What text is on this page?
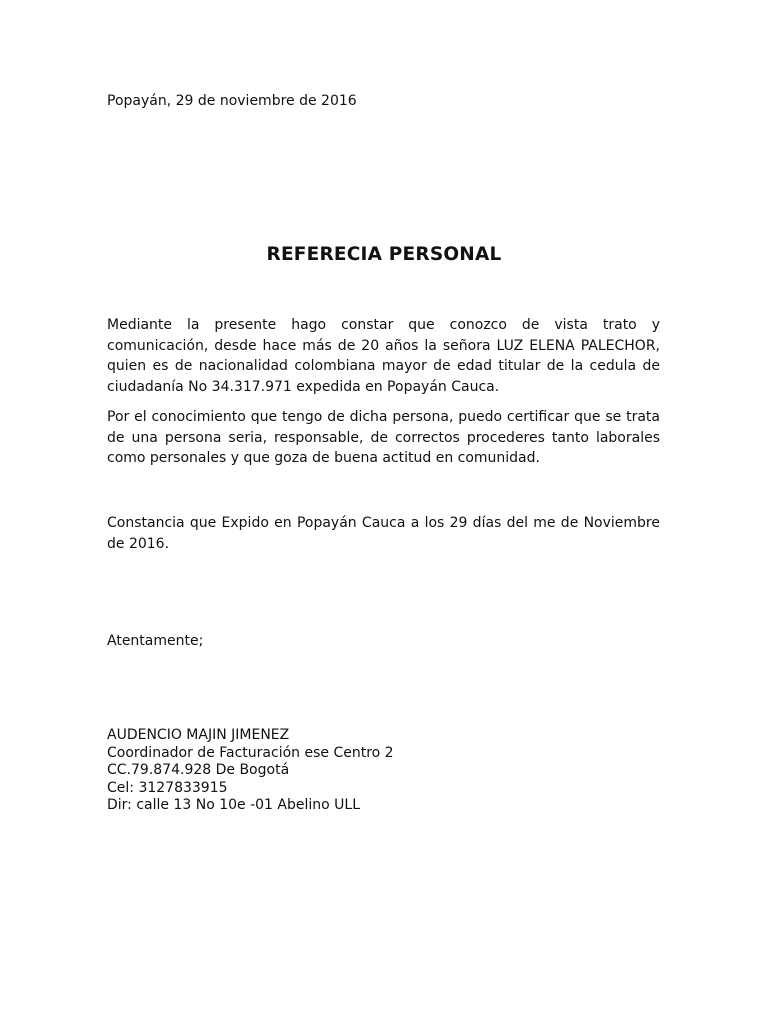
Popayán, 29 de noviembre de 2016
REFERECIA PERSONAL

Mediante la presente hago constar que conozco de vista trato y comunicación, desde hace más de 20 años la señora LUZ ELENA PALECHOR, quien es de nacionalidad colombiana mayor de edad titular de la cedula de ciudadanía No 34.317.971 expedida en Popayán Cauca.

Por el conocimiento que tengo de dicha persona, puedo certificar que se trata de una persona seria, responsable, de correctos procederes tanto laborales como personales y que goza de buena actitud en comunidad.

Constancia que Expido en Popayán Cauca a los 29 días del me de Noviembre de 2016.

Atentamente;
AUDENCIO MAJIN JIMENEZ
Coordinador de Facturación ese Centro 2
CC.79.874.928 De Bogotá
Cel: 3127833915
Dir: calle 13 No 10e -01 Abelino ULL
